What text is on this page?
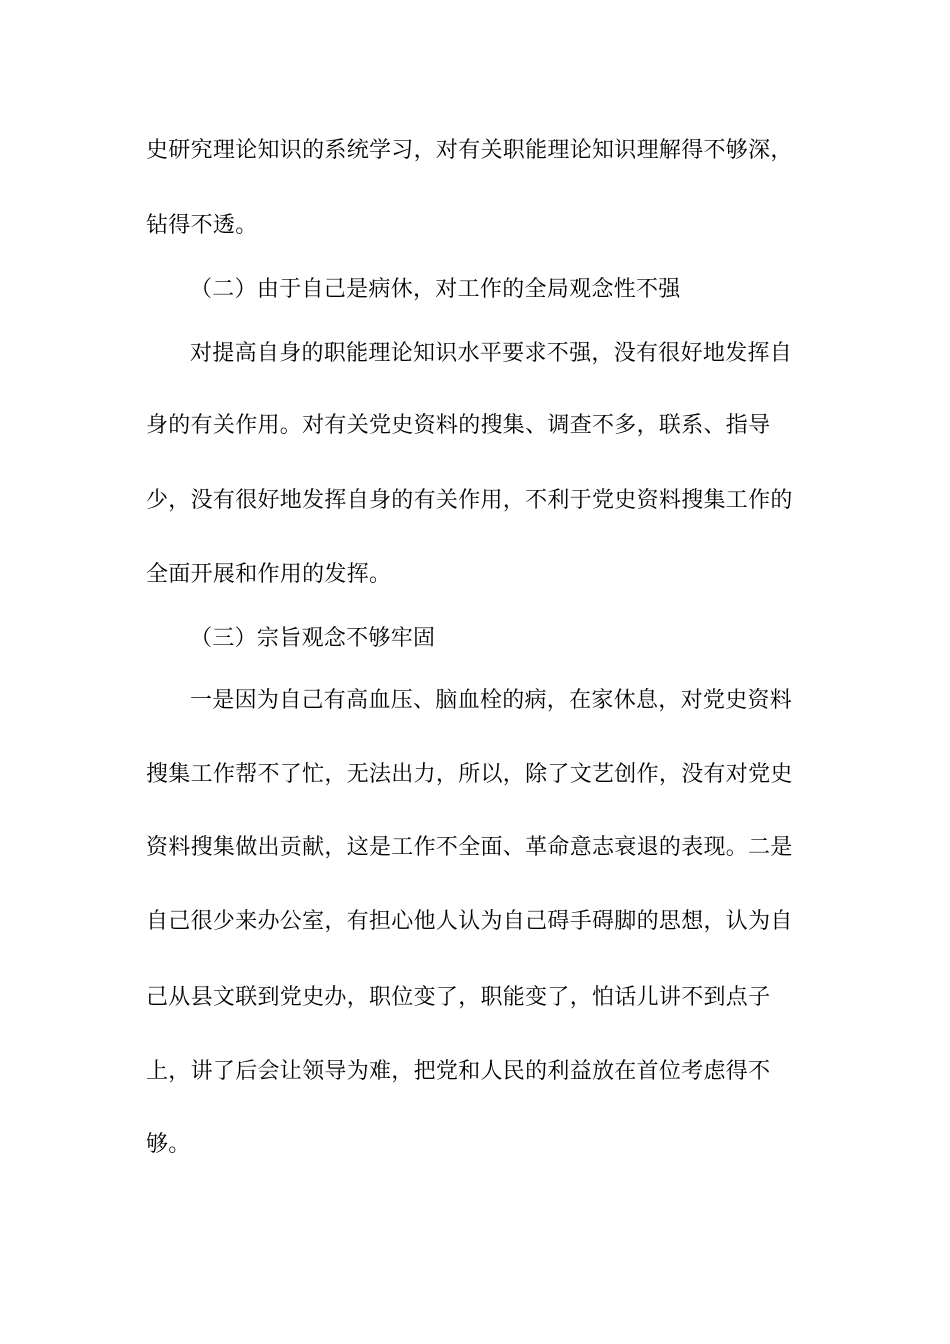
史研究理论知识的系统学习，对有关职能理论知识理解得不够深，
钻得不透。
（二）由于自己是病休，对工作的全局观念性不强
对提高自身的职能理论知识水平要求不强，没有很好地发挥自
身的有关作用。对有关党史资料的搜集、调查不多，联系、指导
少，没有很好地发挥自身的有关作用，不利于党史资料搜集工作的
全面开展和作用的发挥。
（三）宗旨观念不够牢固
一是因为自己有高血压、脑血栓的病，在家休息，对党史资料
搜集工作帮不了忙，无法出力，所以，除了文艺创作，没有对党史
资料搜集做出贡献，这是工作不全面、革命意志衰退的表现。二是
自己很少来办公室，有担心他人认为自己碍手碍脚的思想，认为自
己从县文联到党史办，职位变了，职能变了，怕话儿讲不到点子
上，讲了后会让领导为难，把党和人民的利益放在首位考虑得不
够。
